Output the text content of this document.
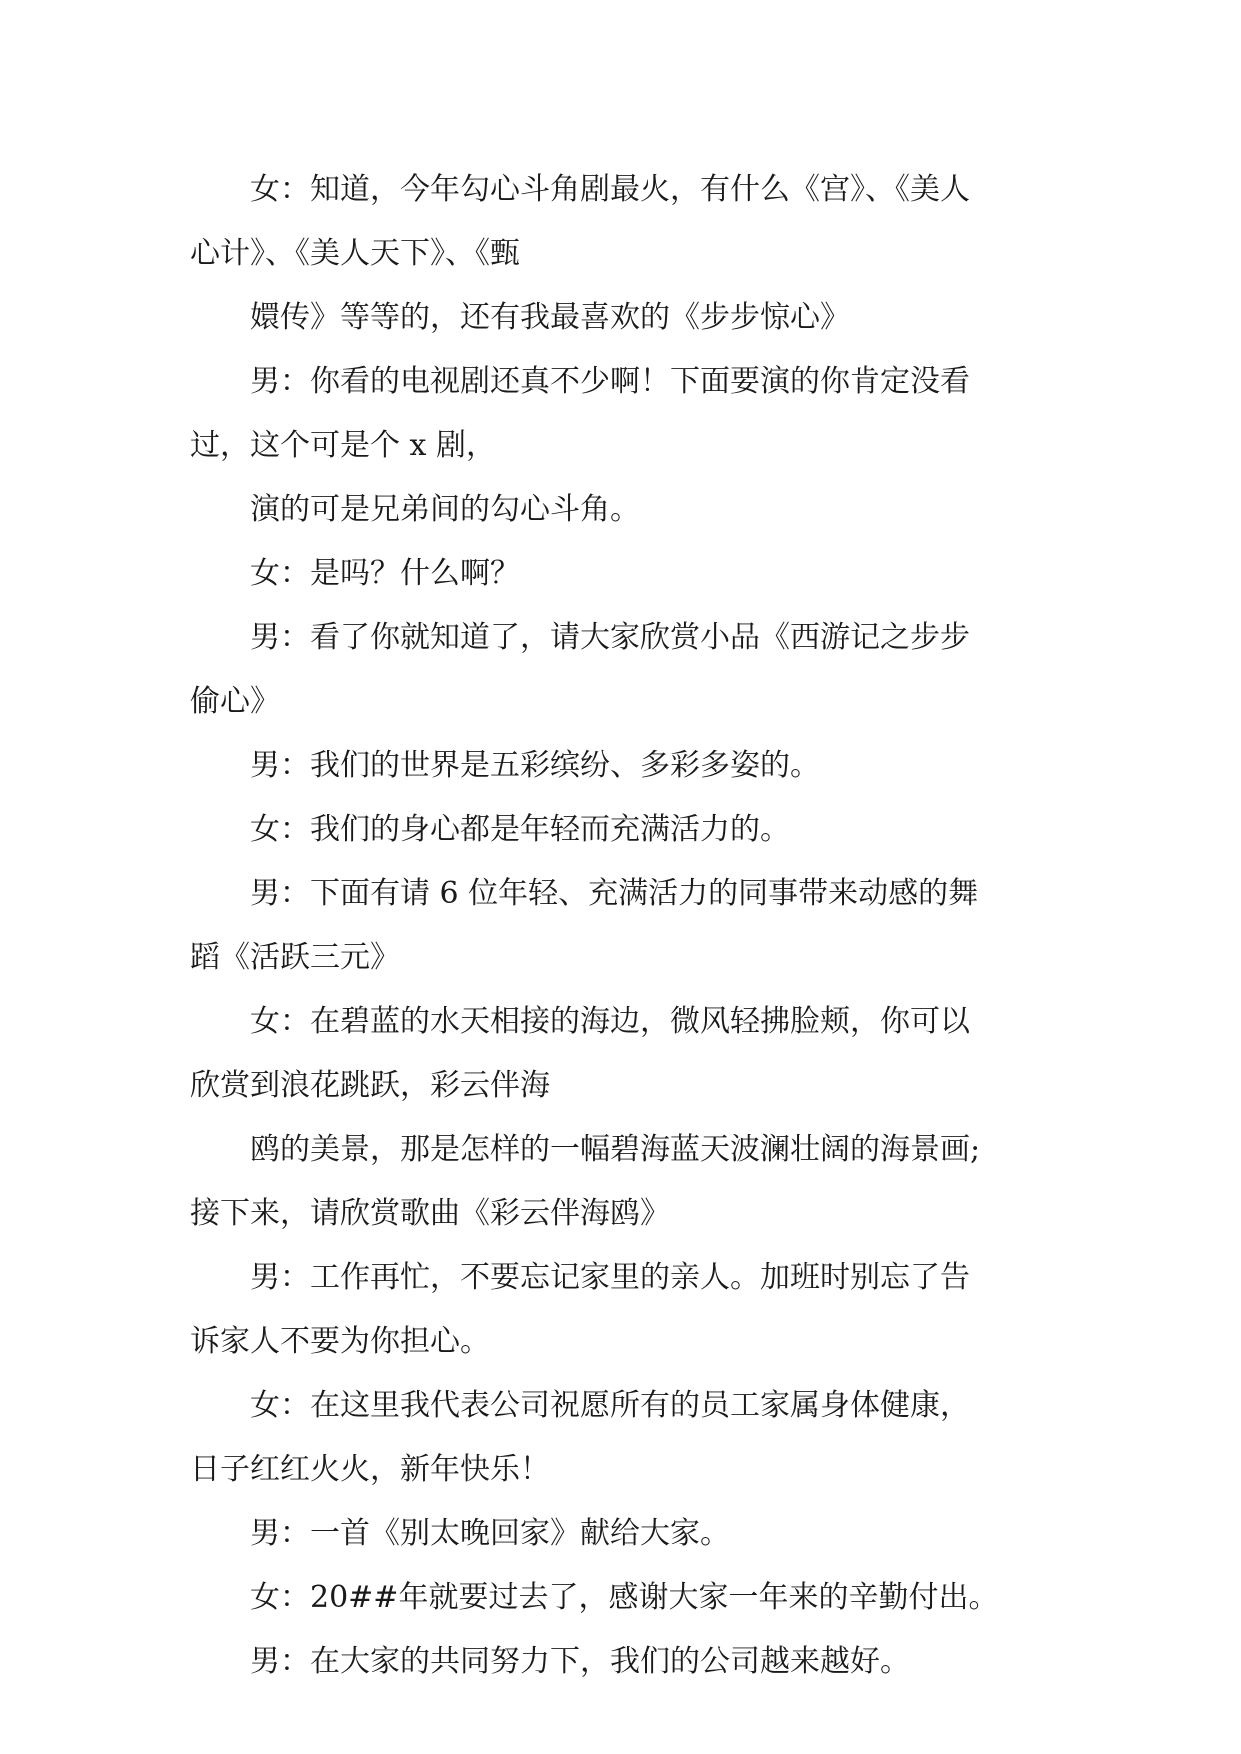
女：知道，今年勾心斗角剧最火，有什么《宫》、《美人
心计》、《美人天下》、《甄

嬛传》等等的，还有我最喜欢的《步步惊心》

男：你看的电视剧还真不少啊！下面要演的你肯定没看
过，这个可是个 x 剧，

演的可是兄弟间的勾心斗角。

女：是吗？什么啊？

男：看了你就知道了，请大家欣赏小品《西游记之步步
偷心》

男：我们的世界是五彩缤纷、多彩多姿的。

女：我们的身心都是年轻而充满活力的。

男：下面有请 6 位年轻、充满活力的同事带来动感的舞
蹈《活跃三元》

女：在碧蓝的水天相接的海边，微风轻拂脸颊，你可以
欣赏到浪花跳跃，彩云伴海

鸥的美景，那是怎样的一幅碧海蓝天波澜壮阔的海景画;
接下来，请欣赏歌曲《彩云伴海鸥》

男：工作再忙，不要忘记家里的亲人。加班时别忘了告
诉家人不要为你担心。

女：在这里我代表公司祝愿所有的员工家属身体健康，
日子红红火火，新年快乐！

男：一首《别太晚回家》献给大家。

女：20##年就要过去了，感谢大家一年来的辛勤付出。

男：在大家的共同努力下，我们的公司越来越好。
